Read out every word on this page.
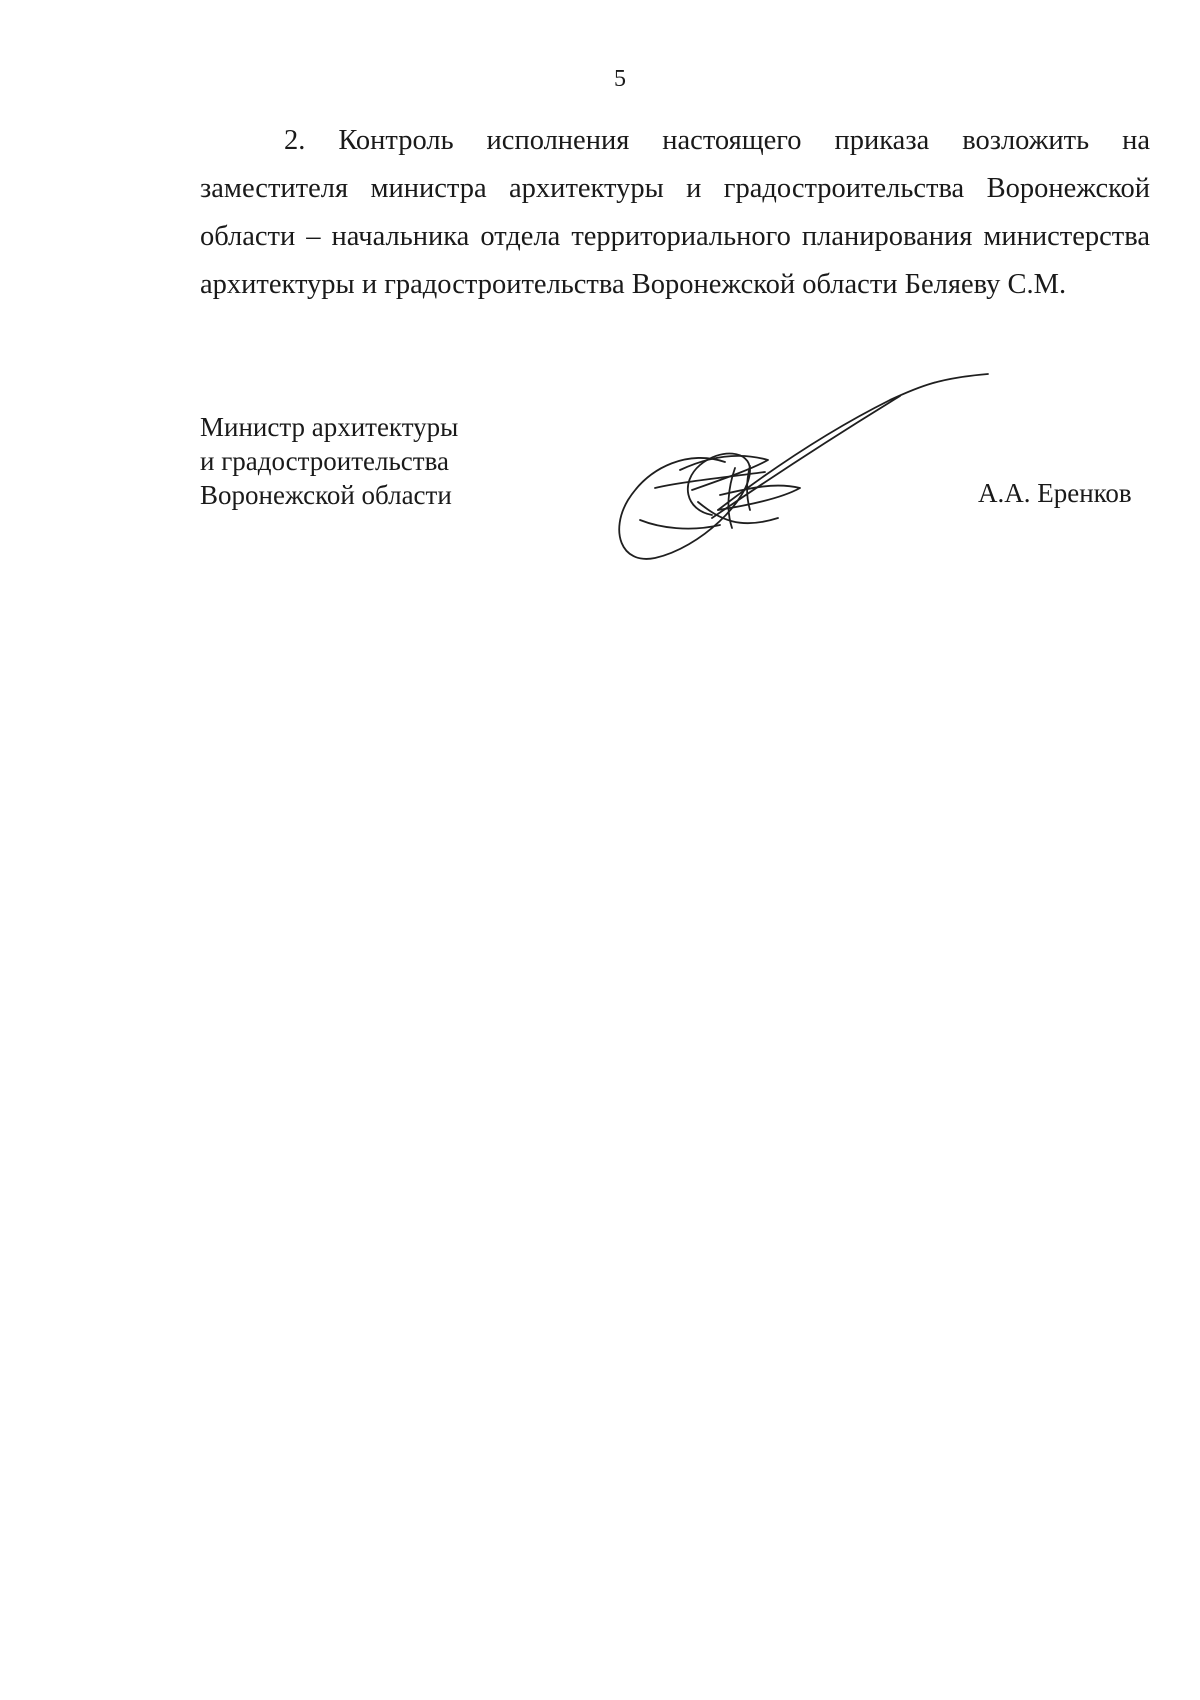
5

2. Контроль исполнения настоящего приказа возложить на заместителя министра архитектуры и градостроительства Воронежской области – начальника отдела территориального планирования министерства архитектуры и градостроительства Воронежской области Беляеву С.М.

Министр архитектуры
и градостроительства
Воронежской области	А.А. Еренков
